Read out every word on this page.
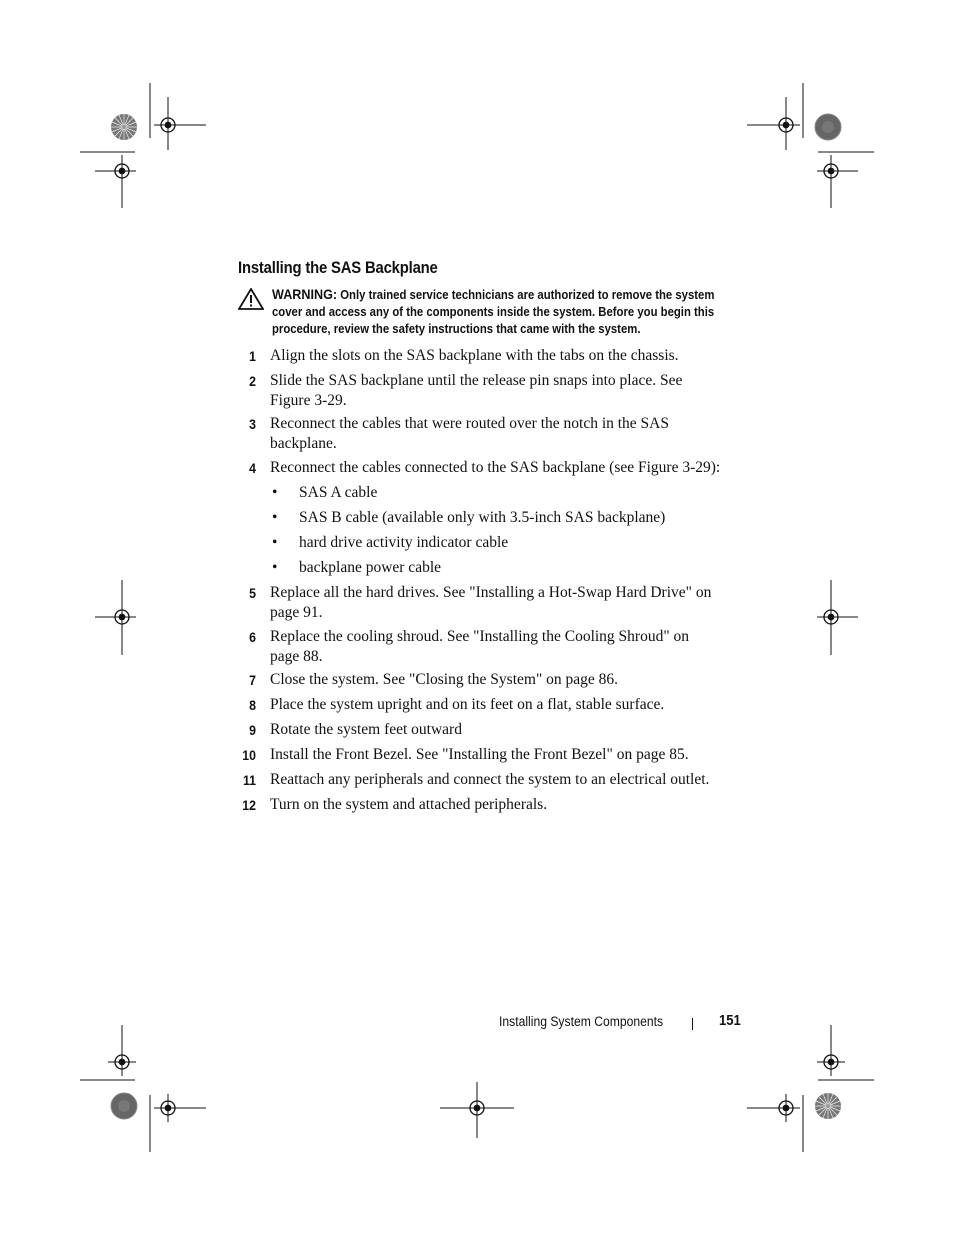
Installing the SAS Backplane
WARNING: Only trained service technicians are authorized to remove the system cover and access any of the components inside the system. Before you begin this procedure, review the safety instructions that came with the system.
1 Align the slots on the SAS backplane with the tabs on the chassis.
2 Slide the SAS backplane until the release pin snaps into place. See Figure 3-29.
3 Reconnect the cables that were routed over the notch in the SAS backplane.
4 Reconnect the cables connected to the SAS backplane (see Figure 3-29):
• SAS A cable
• SAS B cable (available only with 3.5-inch SAS backplane)
• hard drive activity indicator cable
• backplane power cable
5 Replace all the hard drives. See "Installing a Hot-Swap Hard Drive" on page 91.
6 Replace the cooling shroud. See "Installing the Cooling Shroud" on page 88.
7 Close the system. See "Closing the System" on page 86.
8 Place the system upright and on its feet on a flat, stable surface.
9 Rotate the system feet outward
10 Install the Front Bezel. See "Installing the Front Bezel" on page 85.
11 Reattach any peripherals and connect the system to an electrical outlet.
12 Turn on the system and attached peripherals.
Installing System Components	151
